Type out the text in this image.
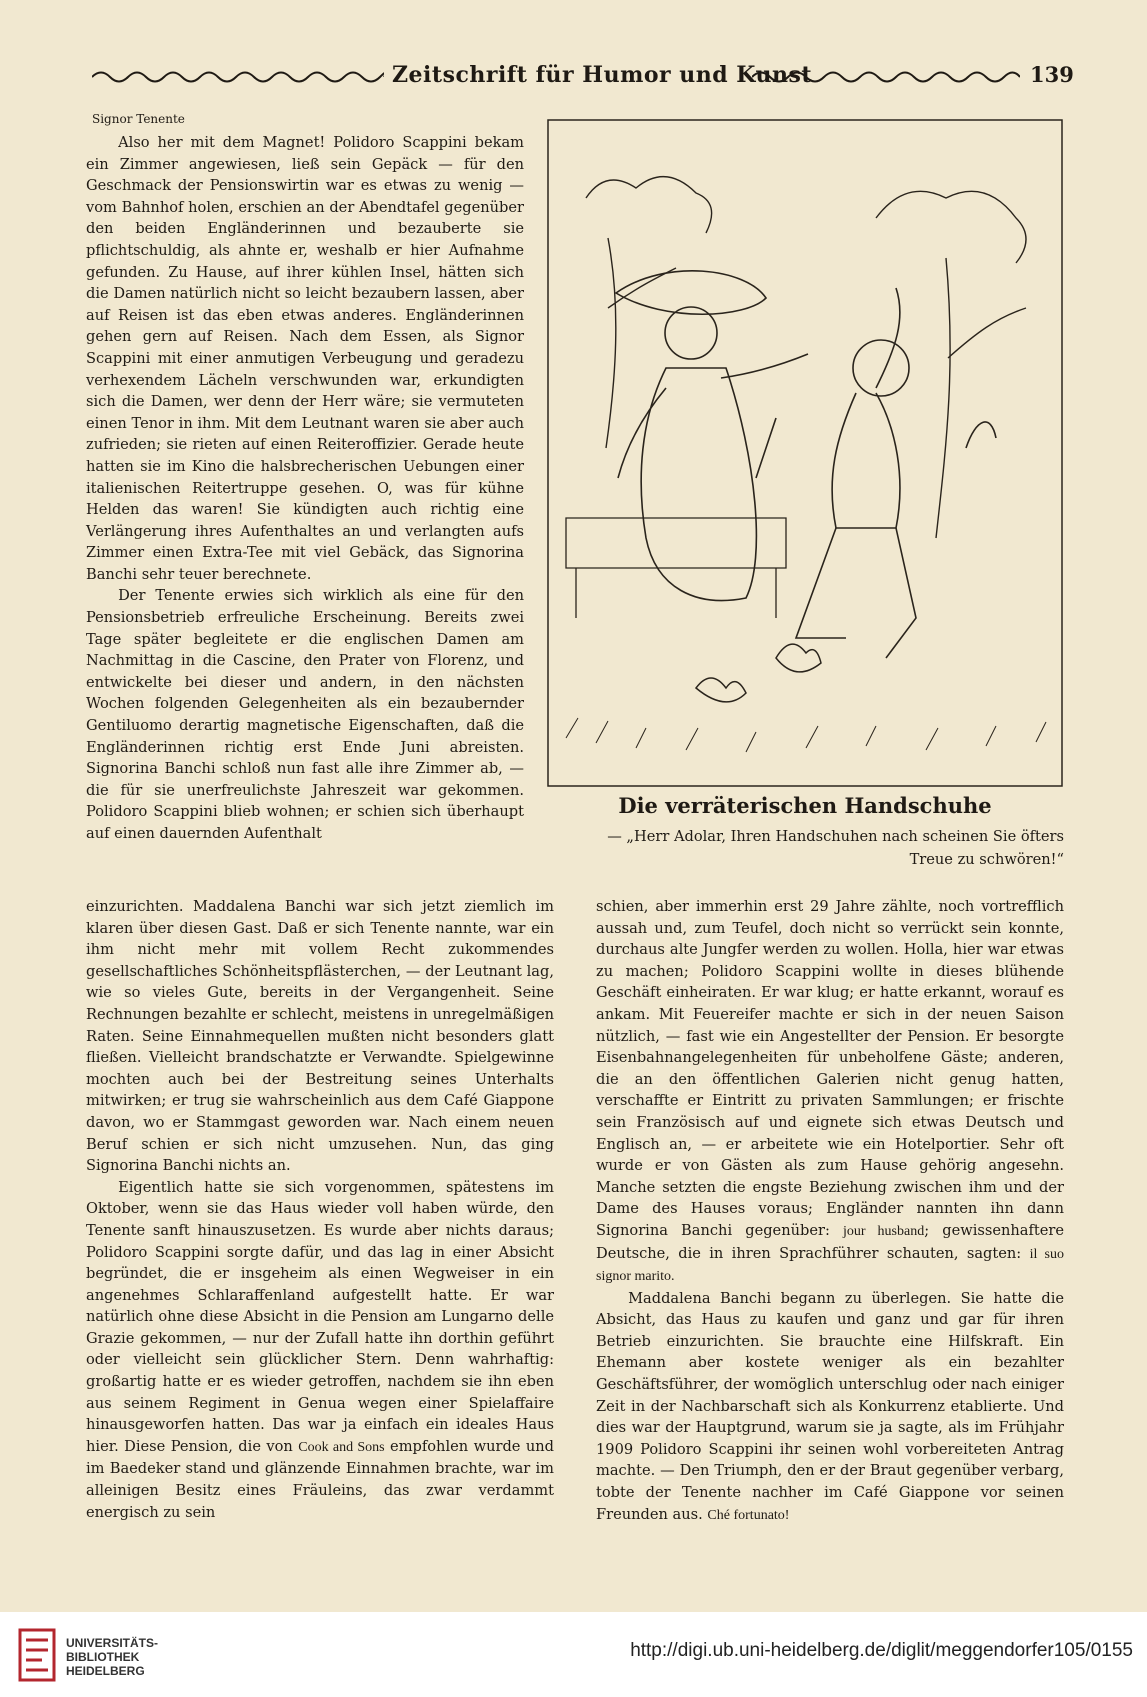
Zeitschrift für Humor und Kunst	139
Signor Tenente

Also her mit dem Magnet! Polidoro Scappini bekam ein Zimmer angewiesen, ließ sein Gepäck — für den Geschmack der Pensionswirtin war es etwas zu wenig — vom Bahnhof holen, erschien an der Abendtafel gegenüber den beiden Engländerinnen und bezauberte sie pflichtschuldig, als ahnte er, weshalb er hier Aufnahme gefunden. Zu Hause, auf ihrer kühlen Insel, hätten sich die Damen natürlich nicht so leicht bezaubern lassen, aber auf Reisen ist das eben etwas anderes. Engländerinnen gehen gern auf Reisen. Nach dem Essen, als Signor Scappini mit einer anmutigen Verbeugung und geradezu verhexendem Lächeln verschwunden war, erkundigten sich die Damen, wer denn der Herr wäre; sie vermuteten einen Tenor in ihm. Mit dem Leutnant waren sie aber auch zufrieden; sie rieten auf einen Reiteroffizier. Gerade heute hatten sie im Kino die halsbrecherischen Uebungen einer italienischen Reitertruppe gesehen. O, was für kühne Helden das waren! Sie kündigten auch richtig eine Verlängerung ihres Aufenthaltes an und verlangten aufs Zimmer einen Extra-Tee mit viel Gebäck, das Signorina Banchi sehr teuer berechnete.

Der Tenente erwies sich wirklich als eine für den Pensionsbetrieb erfreuliche Erscheinung. Bereits zwei Tage später begleitete er die englischen Damen am Nachmittag in die Cascine, den Prater von Florenz, und entwickelte bei dieser und andern, in den nächsten Wochen folgenden Gelegenheiten als ein bezaubernder Gentiluomo derartig magnetische Eigenschaften, daß die Engländerinnen richtig erst Ende Juni abreisten. Signorina Banchi schloß nun fast alle ihre Zimmer ab, — die für sie unerfreulichste Jahreszeit war gekommen. Polidoro Scappini blieb wohnen; er schien sich überhaupt auf einen dauernden Aufenthalt

Die verräterischen Handschuhe
— „Herr Adolar, Ihren Handschuhen nach scheinen Sie öfters Treue zu schwören!“

einzurichten. Maddalena Banchi war sich jetzt ziemlich im klaren über diesen Gast. Daß er sich Tenente nannte, war ein ihm nicht mehr mit vollem Recht zukommendes gesellschaftliches Schönheitspflästerchen, — der Leutnant lag, wie so vieles Gute, bereits in der Vergangenheit. Seine Rechnungen bezahlte er schlecht, meistens in unregelmäßigen Raten. Seine Einnahmequellen mußten nicht besonders glatt fließen. Vielleicht brandschatzte er Verwandte. Spielgewinne mochten auch bei der Bestreitung seines Unterhalts mitwirken; er trug sie wahrscheinlich aus dem Café Giappone davon, wo er Stammgast geworden war. Nach einem neuen Beruf schien er sich nicht umzusehen. Nun, das ging Signorina Banchi nichts an.

Eigentlich hatte sie sich vorgenommen, spätestens im Oktober, wenn sie das Haus wieder voll haben würde, den Tenente sanft hinauszusetzen. Es wurde aber nichts daraus; Polidoro Scappini sorgte dafür, und das lag in einer Absicht begründet, die er insgeheim als einen Wegweiser in ein angenehmes Schlaraffenland aufgestellt hatte. Er war natürlich ohne diese Absicht in die Pension am Lungarno delle Grazie gekommen, — nur der Zufall hatte ihn dorthin geführt oder vielleicht sein glücklicher Stern. Denn wahrhaftig: großartig hatte er es wieder getroffen, nachdem sie ihn eben aus seinem Regiment in Genua wegen einer Spielaffaire hinausgeworfen hatten. Das war ja einfach ein ideales Haus hier. Diese Pension, die von Cook and Sons empfohlen wurde und im Baedeker stand und glänzende Einnahmen brachte, war im alleinigen Besitz eines Fräuleins, das zwar verdammt energisch zu sein

schien, aber immerhin erst 29 Jahre zählte, noch vortrefflich aussah und, zum Teufel, doch nicht so verrückt sein konnte, durchaus alte Jungfer werden zu wollen. Holla, hier war etwas zu machen; Polidoro Scappini wollte in dieses blühende Geschäft einheiraten. Er war klug; er hatte erkannt, worauf es ankam. Mit Feuereifer machte er sich in der neuen Saison nützlich, — fast wie ein Angestellter der Pension. Er besorgte Eisenbahnangelegenheiten für unbeholfene Gäste; anderen, die an den öffentlichen Galerien nicht genug hatten, verschaffte er Eintritt zu privaten Sammlungen; er frischte sein Französisch auf und eignete sich etwas Deutsch und Englisch an, — er arbeitete wie ein Hotelportier. Sehr oft wurde er von Gästen als zum Hause gehörig angesehn. Manche setzten die engste Beziehung zwischen ihm und der Dame des Hauses voraus; Engländer nannten ihn dann Signorina Banchi gegenüber: jour husband; gewissenhaftere Deutsche, die in ihren Sprachführer schauten, sagten: il suo signor marito.

Maddalena Banchi begann zu überlegen. Sie hatte die Absicht, das Haus zu kaufen und ganz und gar für ihren Betrieb einzurichten. Sie brauchte eine Hilfskraft. Ein Ehemann aber kostete weniger als ein bezahlter Geschäftsführer, der womöglich unterschlug oder nach einiger Zeit in der Nachbarschaft sich als Konkurrenz etablierte. Und dies war der Hauptgrund, warum sie ja sagte, als im Frühjahr 1909 Polidoro Scappini ihr seinen wohl vorbereiteten Antrag machte. — Den Triumph, den er der Braut gegenüber verbarg, tobte der Tenente nachher im Café Giappone vor seinen Freunden aus. Ché fortunato!

UNIVERSITÄTS-
BIBLIOTHEK
HEIDELBERG
http://digi.ub.uni-heidelberg.de/diglit/meggendorfer105/0155
